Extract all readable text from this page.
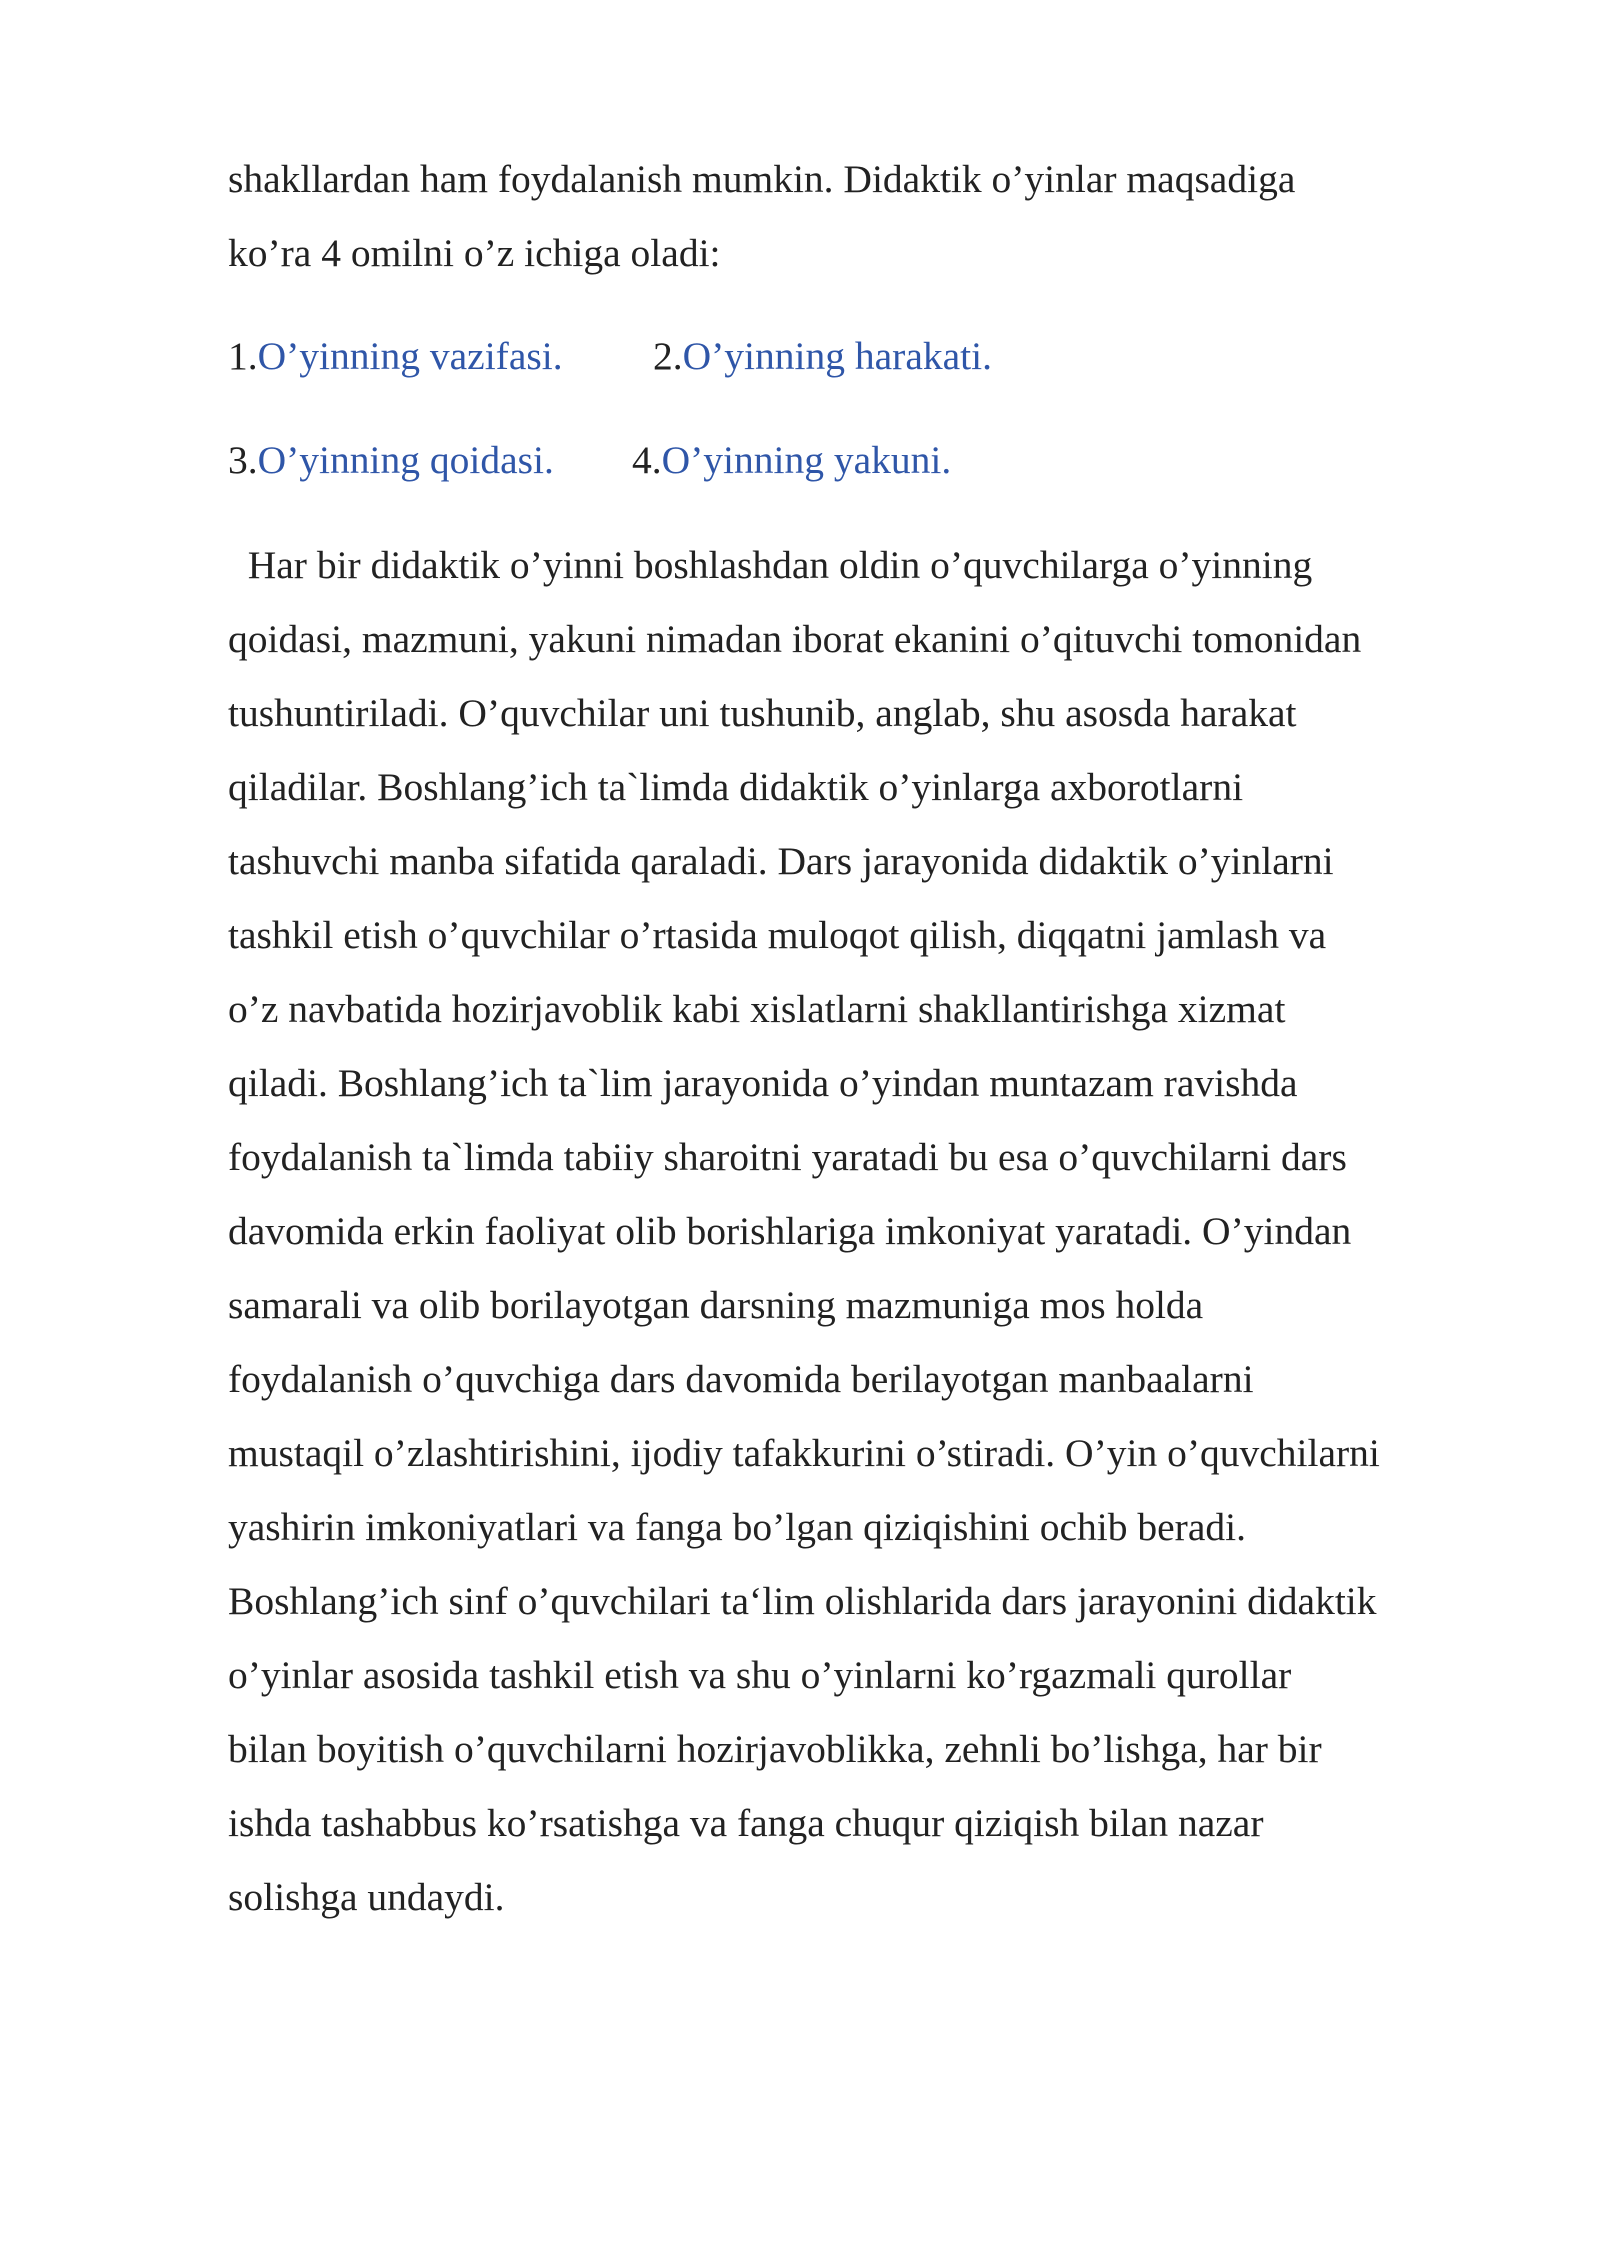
shakllardan ham foydalanish mumkin. Didaktik o’yinlar maqsadiga
ko’ra 4 omilni o’z ichiga oladi:
1.O’yinning vazifasi. 2.O’yinning harakati.
3.O’yinning qoidasi. 4.O’yinning yakuni.
Har bir didaktik o’yinni boshlashdan oldin o’quvchilarga o’yinning
qoidasi, mazmuni, yakuni nimadan iborat ekanini o’qituvchi tomonidan
tushuntiriladi. O’quvchilar uni tushunib, anglab, shu asosda harakat
qiladilar. Boshlang’ich ta`limda didaktik o’yinlarga axborotlarni
tashuvchi manba sifatida qaraladi. Dars jarayonida didaktik o’yinlarni
tashkil etish o’quvchilar o’rtasida muloqot qilish, diqqatni jamlash va
o’z navbatida hozirjavoblik kabi xislatlarni shakllantirishga xizmat
qiladi. Boshlang’ich ta`lim jarayonida o’yindan muntazam ravishda
foydalanish ta`limda tabiiy sharoitni yaratadi bu esa o’quvchilarni dars
davomida erkin faoliyat olib borishlariga imkoniyat yaratadi. O’yindan
samarali va olib borilayotgan darsning mazmuniga mos holda
foydalanish o’quvchiga dars davomida berilayotgan manbaalarni
mustaqil o’zlashtirishini, ijodiy tafakkurini o’stiradi. O’yin o’quvchilarni
yashirin imkoniyatlari va fanga bo’lgan qiziqishini ochib beradi.
Boshlang’ich sinf o’quvchilari ta‘lim olishlarida dars jarayonini didaktik
o’yinlar asosida tashkil etish va shu o’yinlarni ko’rgazmali qurollar
bilan boyitish o’quvchilarni hozirjavoblikka, zehnli bo’lishga, har bir
ishda tashabbus ko’rsatishga va fanga chuqur qiziqish bilan nazar
solishga undaydi.
